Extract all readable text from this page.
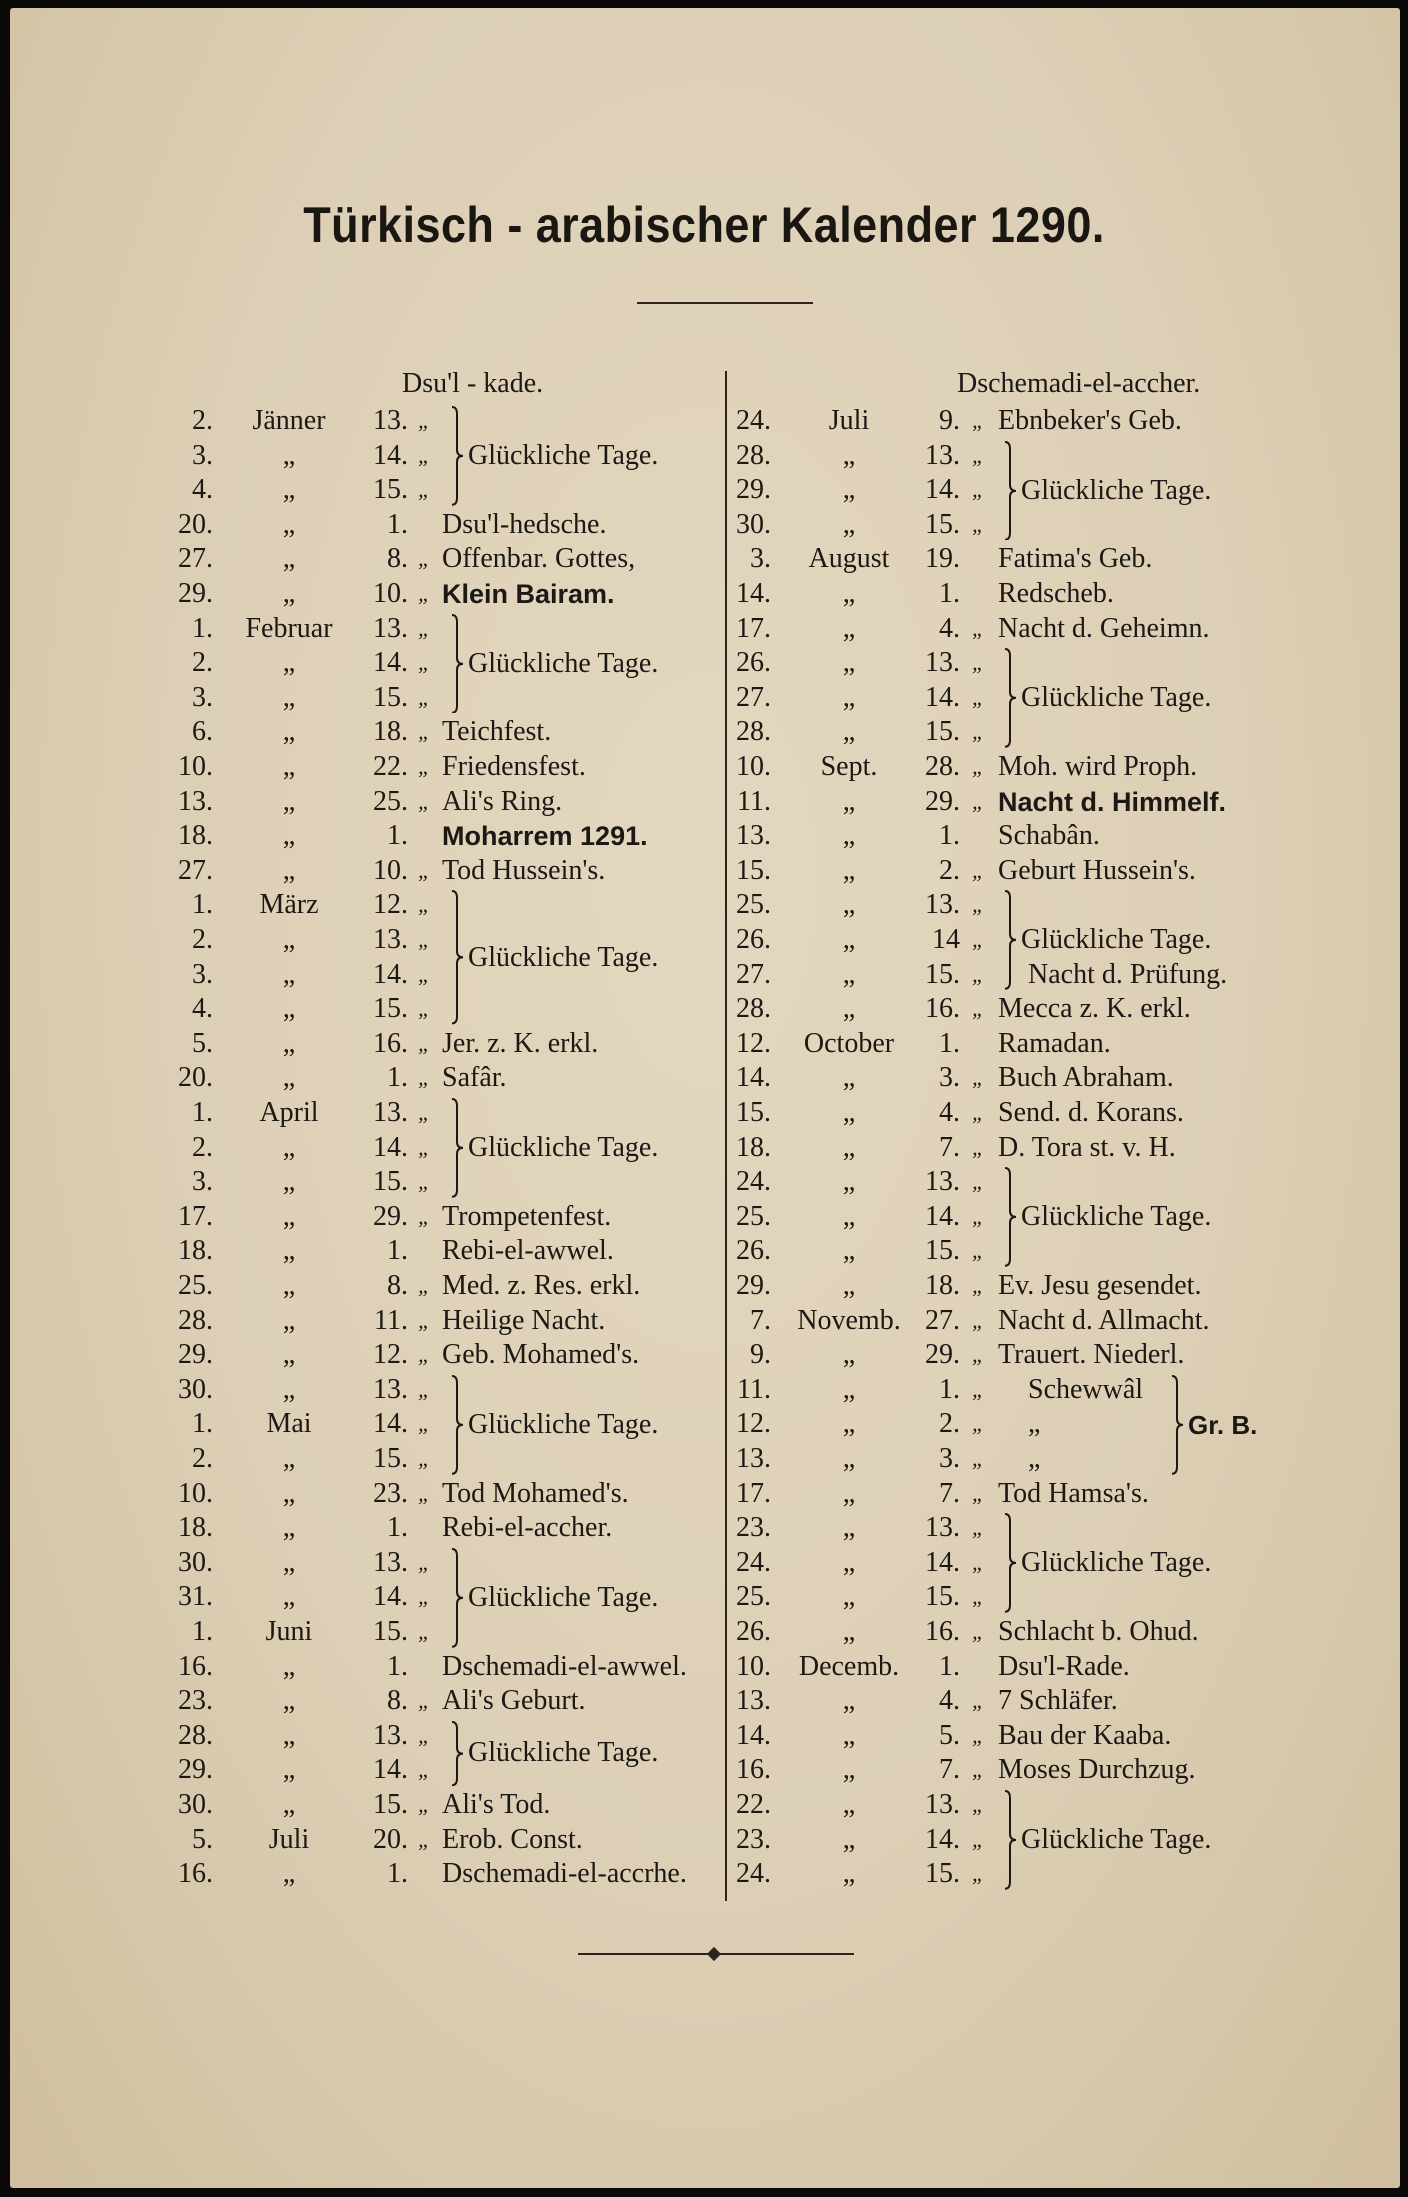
Türkisch - arabischer Kalender 1290.
Dsu'l - kade.
2.	Jänner	13. „
3.	„	14. „
4.	„	15. „
20.	„	1. Dsu'l-hedsche.
27.	„	8. „ Offenbar. Gottes,
29.	„	10. „ Klein Bairam.
1.	Februar	13. „
2.	„	14. „
3.	„	15. „
6.	„	18. „ Teichfest.
10.	„	22. „ Friedensfest.
13.	„	25. „ Ali's Ring.
18.	„	1. Moharrem 1291.
27.	„	10. „ Tod Hussein's.
1.	März	12. „
2.	„	13. „
3.	„	14. „
4.	„	15. „
5.	„	16. „ Jer. z. K. erkl.
20.	„	1. „ Safâr.
1.	April	13. „
2.	„	14. „
3.	„	15. „
17.	„	29. „ Trompetenfest.
18.	„	1. Rebi-el-awwel.
25.	„	8. „ Med. z. Res. erkl.
28.	„	11. „ Heilige Nacht.
29.	„	12. „ Geb. Mohamed's.
30.	„	13. „
1.	Mai	14. „
2.	„	15. „
10.	„	23. „ Tod Mohamed's.
18.	„	1. Rebi-el-accher.
30.	„	13. „
31.	„	14. „
1.	Juni	15. „
16.	„	1. Dschemadi-el-awwel.
23.	„	8. „ Ali's Geburt.
28.	„	13. „
29.	„	14. „
30.	„	15. „ Ali's Tod.
5.	Juli	20. „ Erob. Const.
16.	„	1. Dschemadi-el-accrhe.
Glückliche Tage.
Glückliche Tage.
Glückliche Tage.
Glückliche Tage.
Glückliche Tage.
Glückliche Tage.
Glückliche Tage.
Dschemadi-el-accher.
24.	Juli	9. „ Ebnbeker's Geb.
28.	„	13. „
29.	„	14. „
30.	„	15. „
3.	August	19. Fatima's Geb.
14.	„	1. Redscheb.
17.	„	4. „ Nacht d. Geheimn.
26.	„	13. „
27.	„	14. „
28.	„	15. „
10.	Sept.	28. „ Moh. wird Proph.
11.	„	29. „ Nacht d. Himmelf.
13.	„	1. Schabân.
15.	„	2. „ Geburt Hussein's.
25.	„	13. „
26.	„	14 „
27.	„	15. „ Nacht d. Prüfung.
28.	„	16. „ Mecca z. K. erkl.
12.	October	1. Ramadan.
14.	„	3. „ Buch Abraham.
15.	„	4. „ Send. d. Korans.
18.	„	7. „ D. Tora st. v. H.
24.	„	13. „
25.	„	14. „
26.	„	15. „
29.	„	18. „ Ev. Jesu gesendet.
7. Novemb. 27. „ Nacht d. Allmacht.
9.	„	29. „ Trauert. Niederl.
11.	„	1. „ Schewwâl
12.	„	2. „ „
13.	„	3. „ „
17.	„	7. „ Tod Hamsa's.
23.	„	13. „
24.	„	14. „
25.	„	15. „
26.	„	16. „ Schlacht b. Ohud.
10. Decemb.	1. Dsu'l-Rade.
13.	„	4. „ 7 Schläfer.
14.	„	5. „ Bau der Kaaba.
16.	„	7. „ Moses Durchzug.
22.	„	13. „
23.	„	14. „
24.	„	15. „
Glückliche Tage.
Glückliche Tage.
Glückliche Tage.
Glückliche Tage.
Gr. B.
Glückliche Tage.
Glückliche Tage.
